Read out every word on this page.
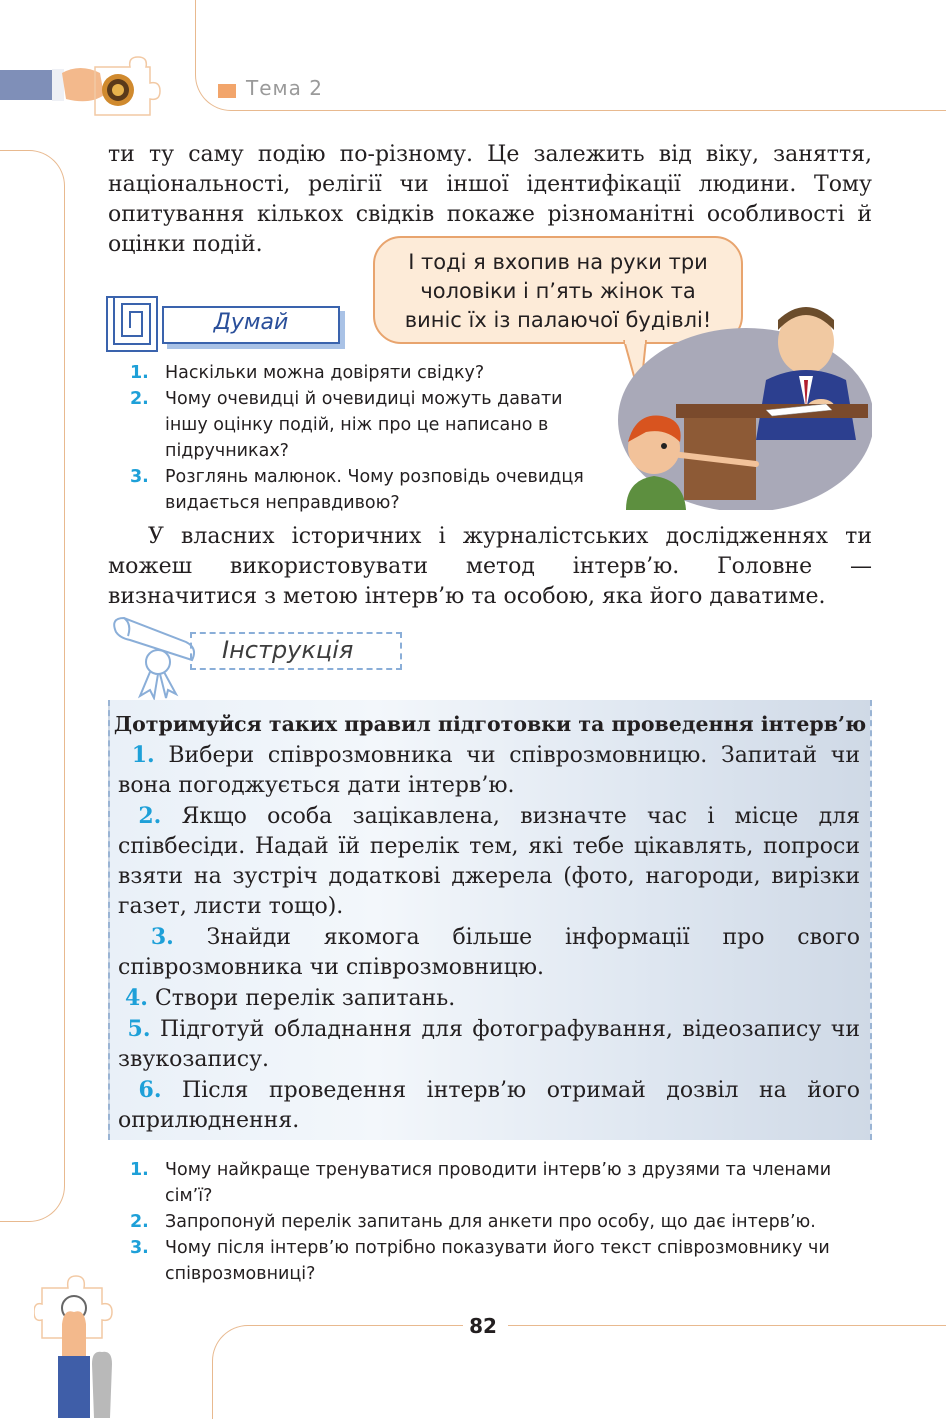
Тема 2
ти ту саму подію по-різному. Це залежить від віку, заняття, національності, релігії чи іншої ідентифікації людини. Тому опитування кількох свідків покаже різноманітні особливості й оцінки подій.
І тоді я вхопив на руки три чоловіки і п’ять жінок та виніс їх із палаючої будівлі!
Думай
1. Наскільки можна довіряти свідку?
2. Чому очевидці й очевидиці можуть давати іншу оцінку подій, ніж про це написано в підручниках?
3. Розглянь малюнок. Чому розповідь очевидця видається неправдивою?
У власних історичних і журналістських дослідженнях ти можеш використовувати метод інтерв’ю. Головне — визначитися з метою інтерв’ю та особою, яка його даватиме.
Інструкція
Дотримуйся таких правил підготовки та проведення інтерв’ю

1. Вибери співрозмовника чи співрозмовницю. Запитай чи вона погоджується дати інтерв’ю.

2. Якщо особа зацікавлена, визначте час і місце для співбесіди. Надай їй перелік тем, які тебе цікавлять, попроси взяти на зустріч додаткові джерела (фото, нагороди, вирізки газет, листи тощо).

3. Знайди якомога більше інформації про свого співрозмовника чи співрозмовницю.

4. Створи перелік запитань.

5. Підготуй обладнання для фотографування, відеозапису чи звукозапису.

6. Після проведення інтерв’ю отримай дозвіл на його оприлюднення.

1. Чому найкраще тренуватися проводити інтерв’ю з друзями та членами сім’ї?
2. Запропонуй перелік запитань для анкети про особу, що дає інтерв’ю.
3. Чому після інтерв’ю потрібно показувати його текст співрозмовнику чи співрозмовниці?
82
